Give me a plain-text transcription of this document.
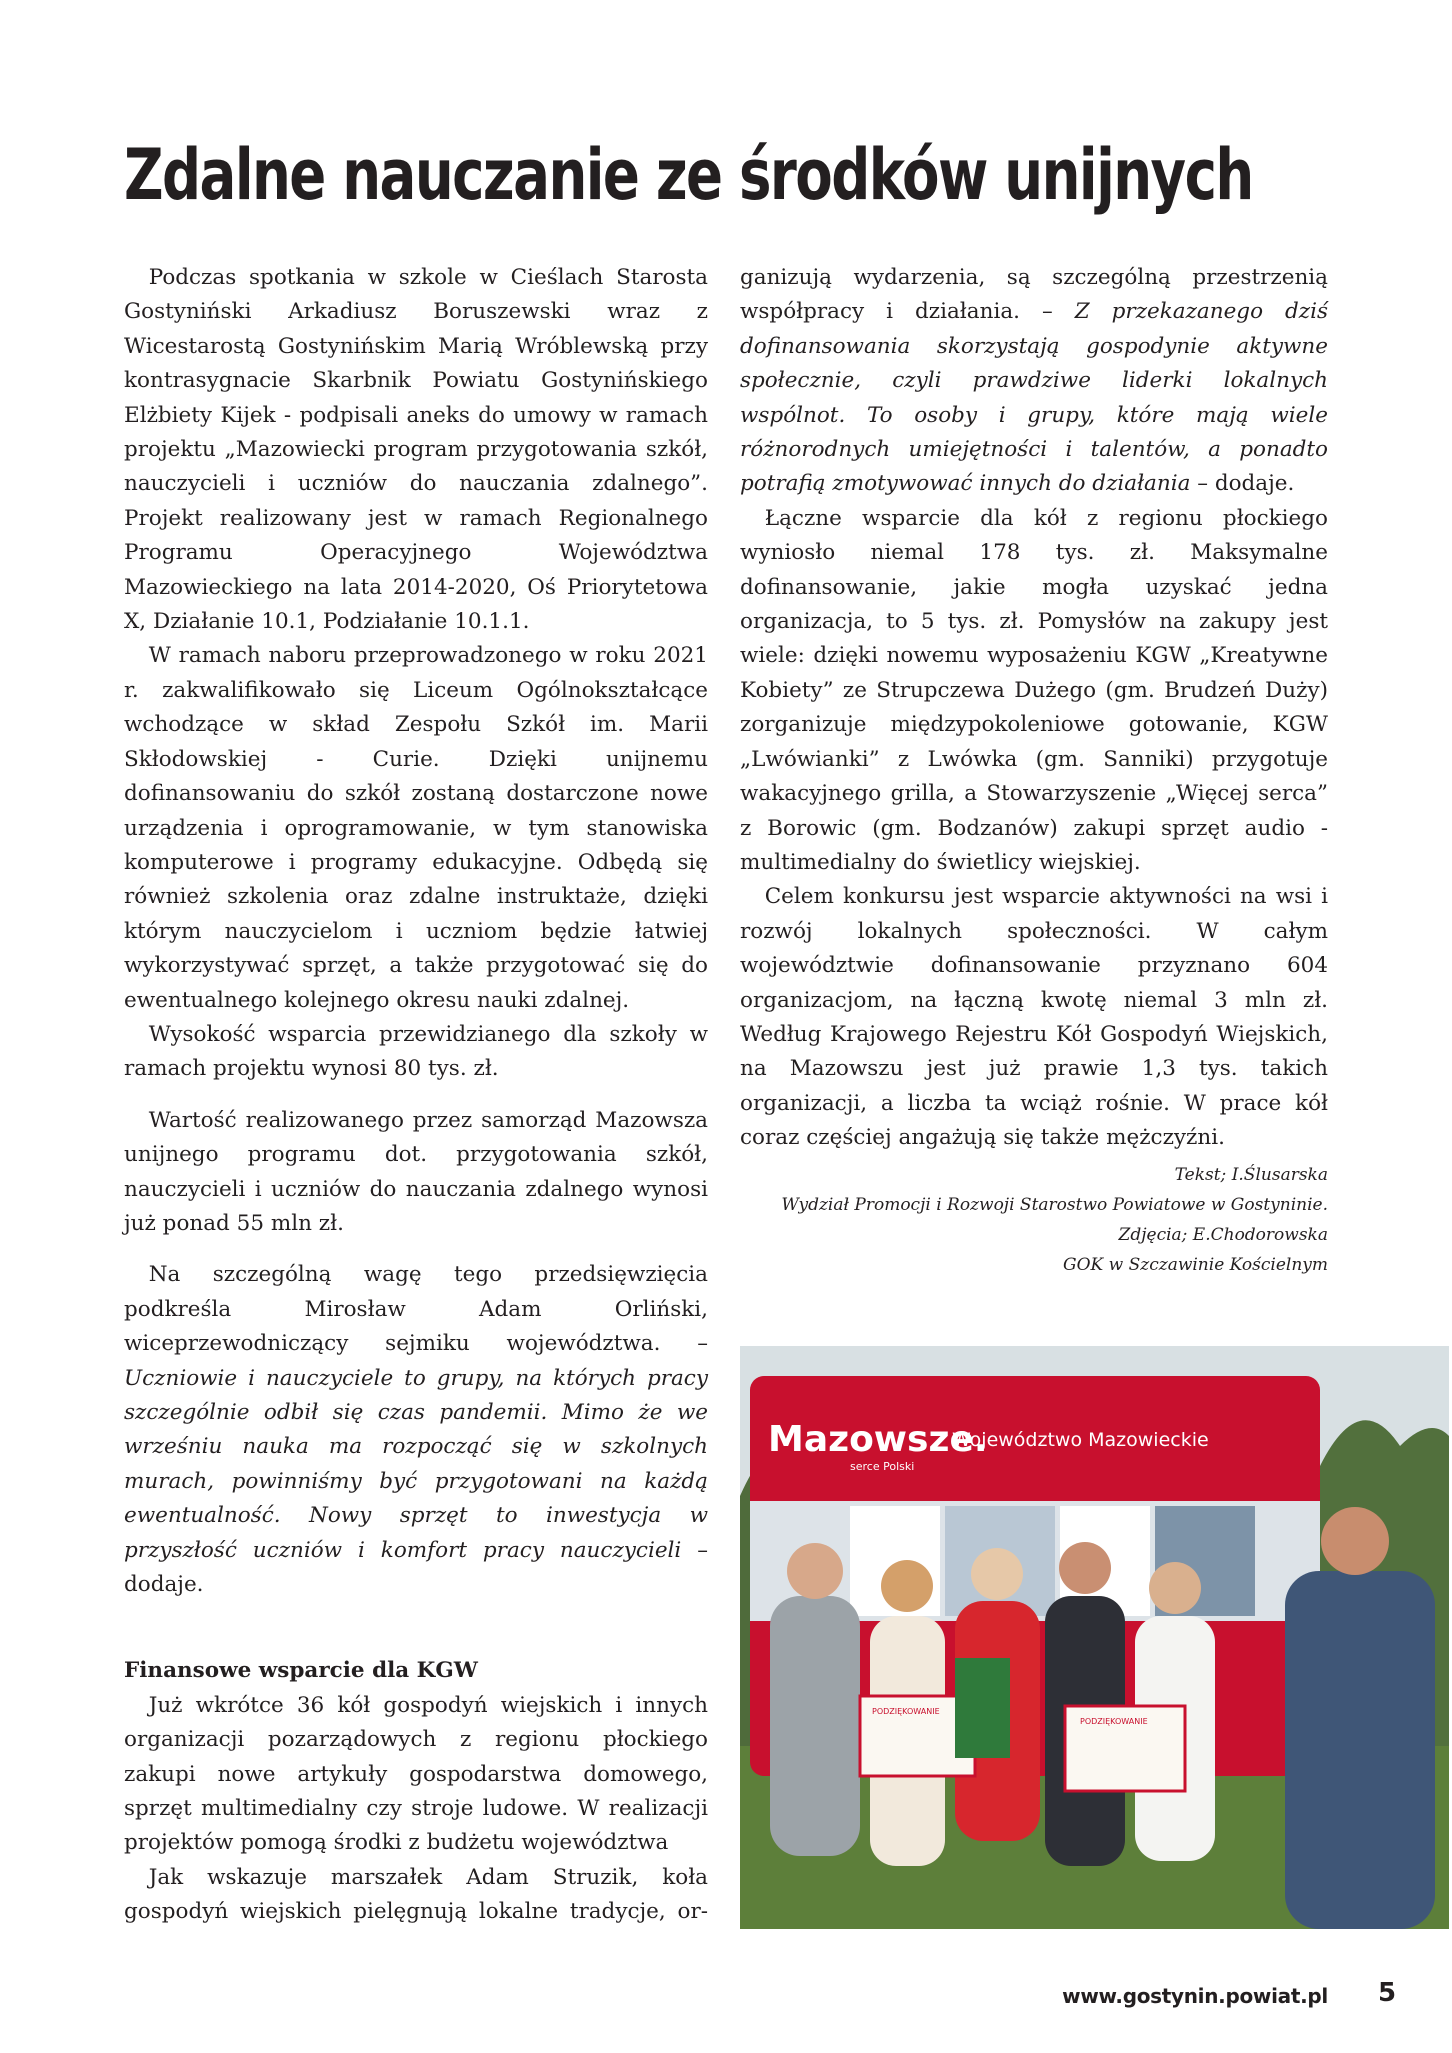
Zdalne nauczanie ze środków unijnych

Podczas spotkania w szkole w Cieślach Starosta Gostyniński Arkadiusz Boruszewski wraz z Wicestarostą Gostynińskim Marią Wróblewską przy kontrasygnacie Skarbnik Powiatu Gostynińskiego Elżbiety Kijek - podpisali aneks do umowy w ramach projektu „Mazowiecki program przygotowania szkół, nauczycieli i uczniów do nauczania zdalnego”. Projekt realizowany jest w ramach Regionalnego Programu Operacyjnego Województwa Mazowieckiego na lata 2014-2020, Oś Priorytetowa X, Działanie 10.1, Podziałanie 10.1.1.

W ramach naboru przeprowadzonego w roku 2021 r. zakwalifikowało się Liceum Ogólnokształcące wchodzące w skład Zespołu Szkół im. Marii Skłodowskiej - Curie. Dzięki unijnemu dofinansowaniu do szkół zostaną dostarczone nowe urządzenia i oprogramowanie, w tym stanowiska komputerowe i programy edukacyjne. Odbędą się również szkolenia oraz zdalne instruktaże, dzięki którym nauczycielom i uczniom będzie łatwiej wykorzystywać sprzęt, a także przygotować się do ewentualnego kolejnego okresu nauki zdalnej.

Wysokość wsparcia przewidzianego dla szkoły w ramach projektu wynosi 80 tys. zł.

Wartość realizowanego przez samorząd Mazowsza unijnego programu dot. przygotowania szkół, nauczycieli i uczniów do nauczania zdalnego wynosi już ponad 55 mln zł.

Na szczególną wagę tego przedsięwzięcia podkreśla Mirosław Adam Orliński, wiceprzewodniczący sejmiku województwa. – Uczniowie i nauczyciele to grupy, na których pracy szczególnie odbił się czas pandemii. Mimo że we wrześniu nauka ma rozpocząć się w szkolnych murach, powinniśmy być przygotowani na każdą ewentualność. Nowy sprzęt to inwestycja w przyszłość uczniów i komfort pracy nauczycieli – dodaje.

Finansowe wsparcie dla KGW

Już wkrótce 36 kół gospodyń wiejskich i innych organizacji pozarządowych z regionu płockiego zakupi nowe artykuły gospodarstwa domowego, sprzęt multimedialny czy stroje ludowe. W realizacji projektów pomogą środki z budżetu województwa

Jak wskazuje marszałek Adam Struzik, koła gospodyń wiejskich pielęgnują lokalne tradycje, or-

ganizują wydarzenia, są szczególną przestrzenią współpracy i działania. – Z przekazanego dziś dofinansowania skorzystają gospodynie aktywne społecznie, czyli prawdziwe liderki lokalnych wspólnot. To osoby i grupy, które mają wiele różnorodnych umiejętności i talentów, a ponadto potrafią zmotywować innych do działania – dodaje.

Łączne wsparcie dla kół z regionu płockiego wyniosło niemal 178 tys. zł. Maksymalne dofinansowanie, jakie mogła uzyskać jedna organizacja, to 5 tys. zł. Pomysłów na zakupy jest wiele: dzięki nowemu wyposażeniu KGW „Kreatywne Kobiety” ze Strupczewa Dużego (gm. Brudzeń Duży) zorganizuje międzypokoleniowe gotowanie, KGW „Lwówianki” z Lwówka (gm. Sanniki) przygotuje wakacyjnego grilla, a Stowarzyszenie „Więcej serca” z Borowic (gm. Bodzanów) zakupi sprzęt audio -multimedialny do świetlicy wiejskiej.

Celem konkursu jest wsparcie aktywności na wsi i rozwój lokalnych społeczności. W całym województwie dofinansowanie przyznano 604 organizacjom, na łączną kwotę niemal 3 mln zł. Według Krajowego Rejestru Kół Gospodyń Wiejskich, na Mazowszu jest już prawie 1,3 tys. takich organizacji, a liczba ta wciąż rośnie. W prace kół coraz częściej angażują się także mężczyźni.

Tekst; I.Ślusarska
Wydział Promocji i Rozwoji Starostwo Powiatowe w Gostyninie.
Zdjęcia; E.Chodorowska
GOK w Szczawinie Kościelnym
Mazowsze.
serce Polski
Województwo Mazowieckie
PODZIĘKOWANIE
PODZIĘKOWANIE
www.gostynin.powiat.pl 5
